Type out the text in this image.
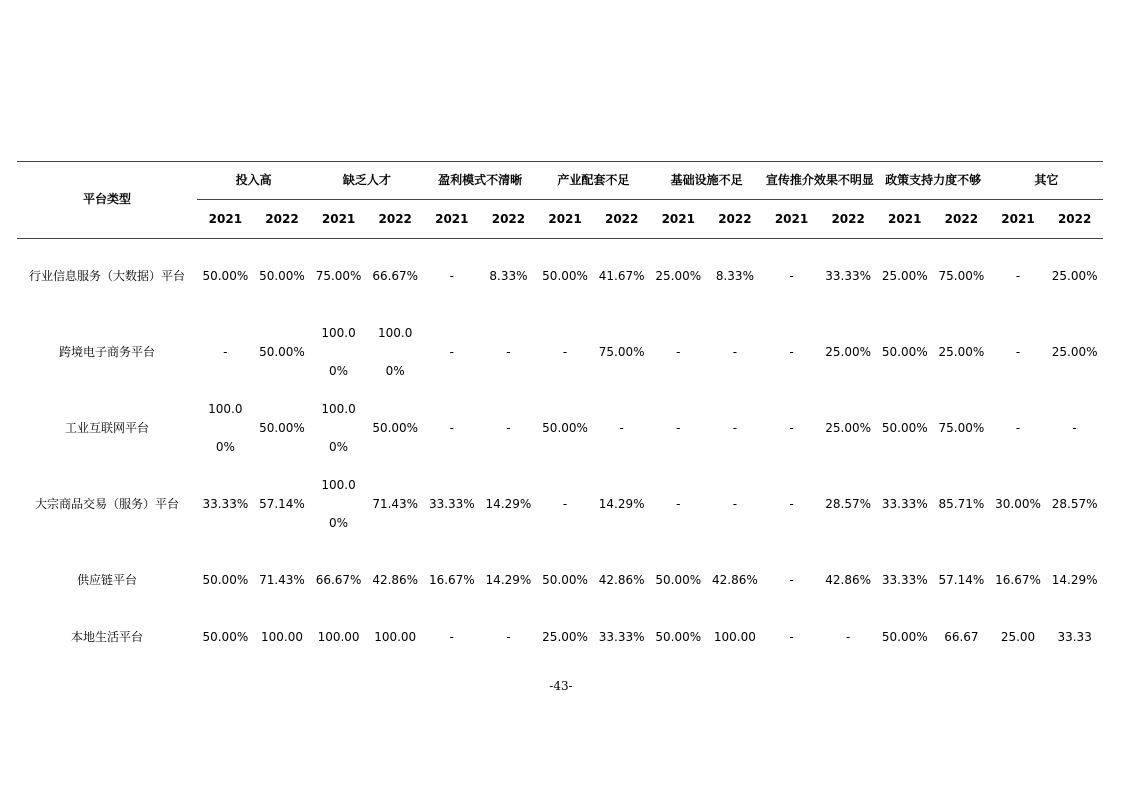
平台类型	投入高		缺乏人才		盈利模式不清晰		产业配套不足		基础设施不足		宣传推介效果不明显		政策支持力度不够		其它	
	2021	2022	2021	2022	2021	2022	2021	2022	2021	2022	2021	2022	2021	2022	2021	2022
行业信息服务（大数据）平台	50.00%	50.00%	75.00%	66.67%	-	8.33%	50.00%	41.67%	25.00%	8.33%	-	33.33%	25.00%	75.00%	-	25.00%
跨境电子商务平台	-	50.00%	100.00%	100.00%	-	-	-	75.00%	-	-	-	25.00%	50.00%	25.00%	-	25.00%
工业互联网平台	100.00%	50.00%	100.00%	50.00%	-	-	50.00%	-	-	-	-	25.00%	50.00%	75.00%	-	-
大宗商品交易（服务）平台	33.33%	57.14%	100.00%	71.43%	33.33%	14.29%	-	14.29%	-	-	-	28.57%	33.33%	85.71%	30.00%	28.57%
供应链平台	50.00%	71.43%	66.67%	42.86%	16.67%	14.29%	50.00%	42.86%	50.00%	42.86%	-	42.86%	33.33%	57.14%	16.67%	14.29%
本地生活平台	50.00%	100.00	100.00	100.00	-	-	25.00%	33.33%	50.00%	100.00	-	-	50.00%	66.67	25.00	33.33
-43-
